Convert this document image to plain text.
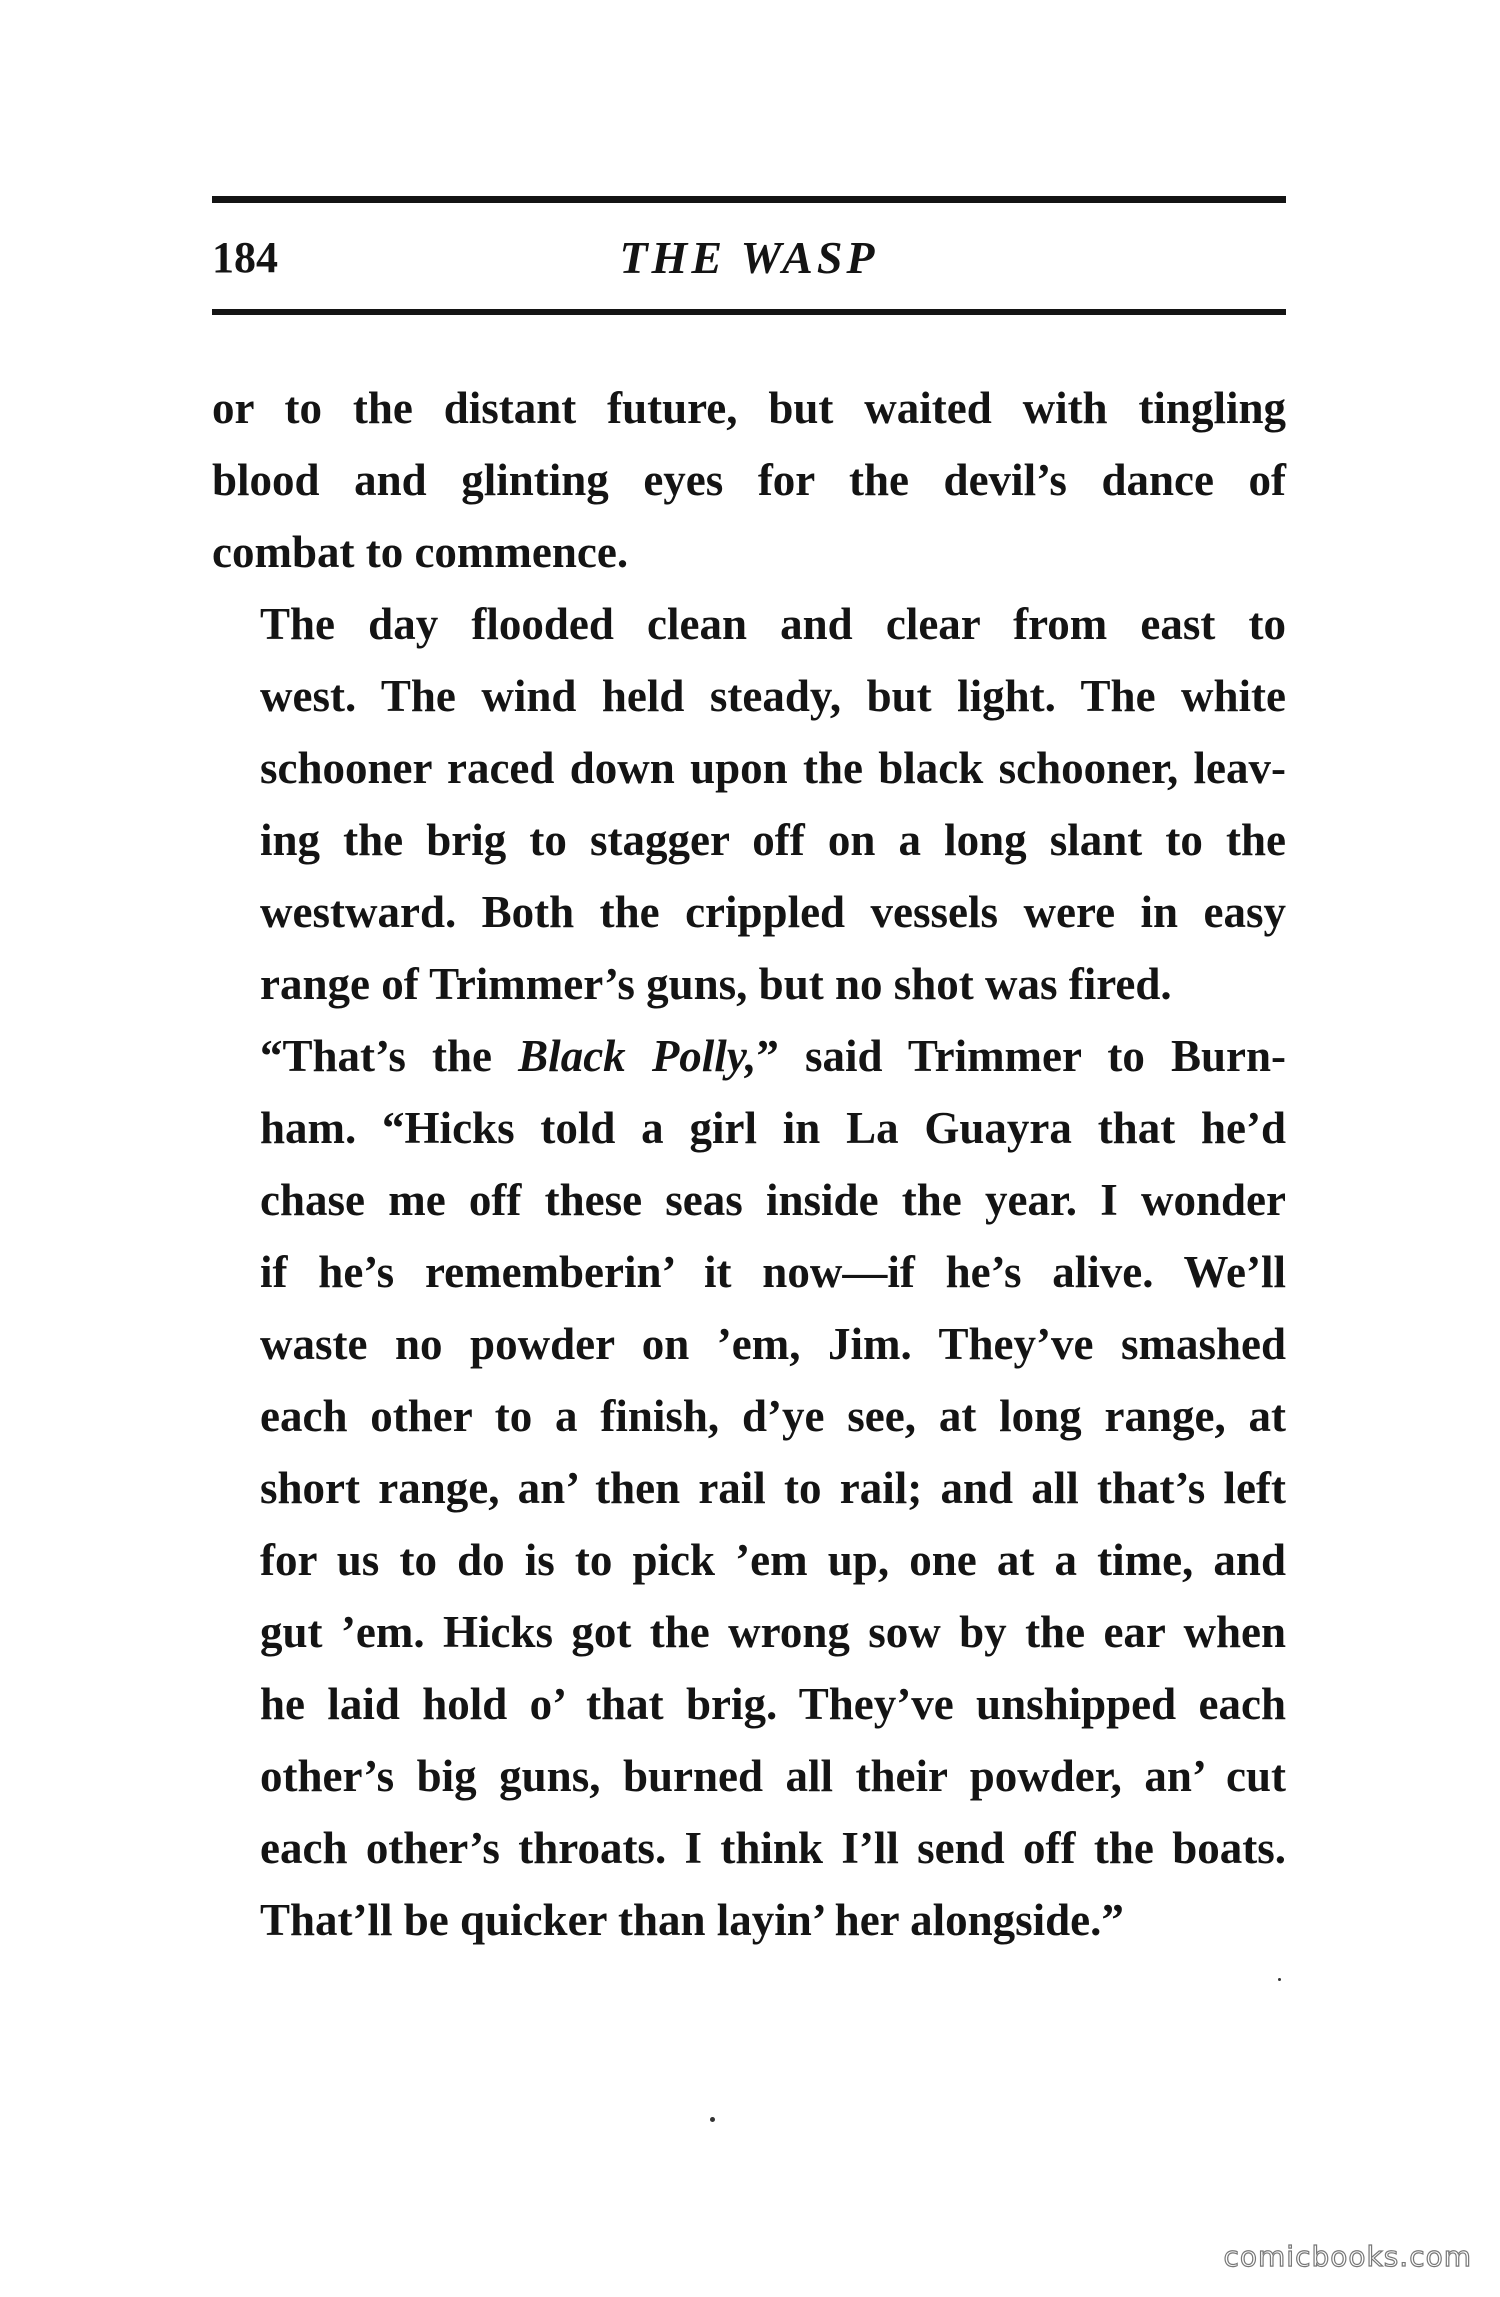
184	THE WASP

or to the distant future, but waited with tingling
blood and glinting eyes for the devil’s dance of
combat to commence.

The day flooded clean and clear from east to
west. The wind held steady, but light. The white
schooner raced down upon the black schooner, leav-
ing the brig to stagger off on a long slant to the
westward. Both the crippled vessels were in easy
range of Trimmer’s guns, but no shot was fired.

“That’s the Black Polly,” said Trimmer to Burn-
ham. “Hicks told a girl in La Guayra that he’d
chase me off these seas inside the year. I wonder
if he’s rememberin’ it now—if he’s alive. We’ll
waste no powder on ’em, Jim. They’ve smashed
each other to a finish, d’ye see, at long range, at
short range, an’ then rail to rail; and all that’s left
for us to do is to pick ’em up, one at a time, and
gut ’em. Hicks got the wrong sow by the ear when
he laid hold o’ that brig. They’ve unshipped each
other’s big guns, burned all their powder, an’ cut
each other’s throats. I think I’ll send off the boats.
That’ll be quicker than layin’ her alongside.”

comicbooks.com
